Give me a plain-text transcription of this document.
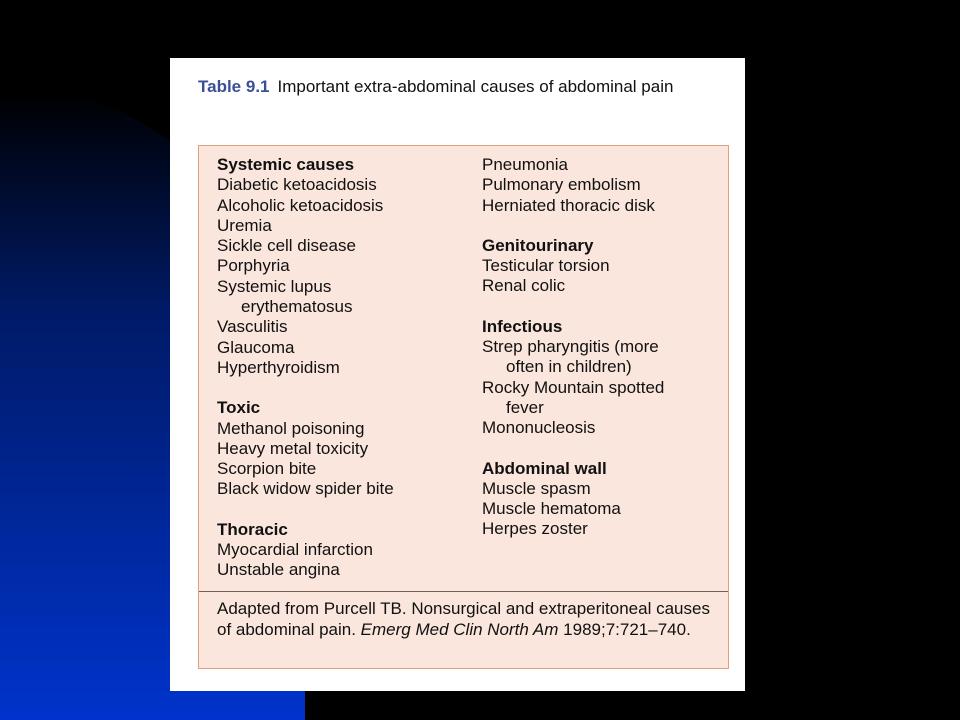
Table 9.1 Important extra-abdominal causes of abdominal pain
Systemic causes
Diabetic ketoacidosis
Alcoholic ketoacidosis
Uremia
Sickle cell disease
Porphyria
Systemic lupus
erythematosus
Vasculitis
Glaucoma
Hyperthyroidism
Toxic
Methanol poisoning
Heavy metal toxicity
Scorpion bite
Black widow spider bite
Thoracic
Myocardial infarction
Unstable angina
Pneumonia
Pulmonary embolism
Herniated thoracic disk
Genitourinary
Testicular torsion
Renal colic
Infectious
Strep pharyngitis (more
often in children)
Rocky Mountain spotted
fever
Mononucleosis
Abdominal wall
Muscle spasm
Muscle hematoma
Herpes zoster
Adapted from Purcell TB. Nonsurgical and extraperitoneal causes of abdominal pain. Emerg Med Clin North Am 1989;7:721–740.
